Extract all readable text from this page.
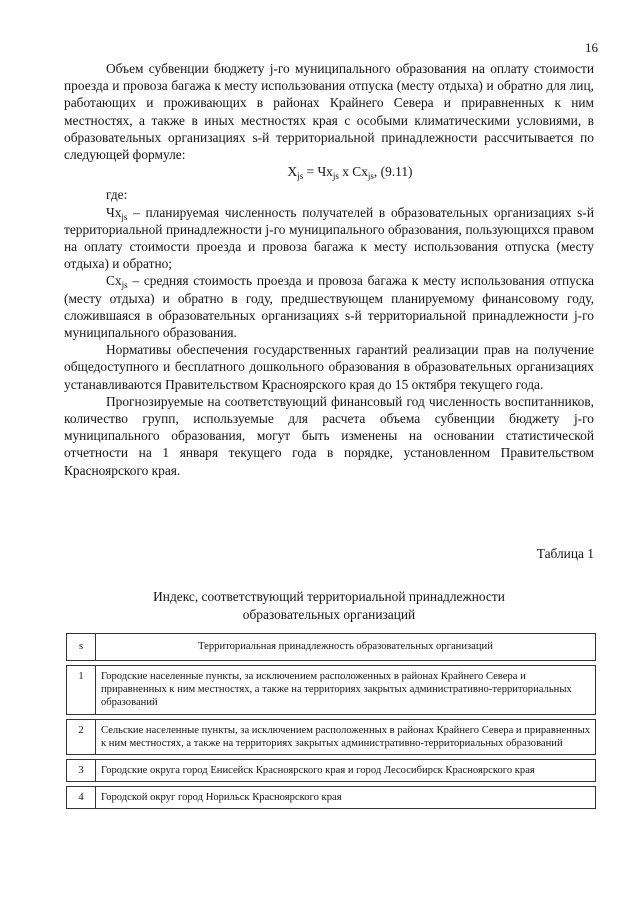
16

Объем субвенции бюджету j-го муниципального образования на оплату стоимости проезда и провоза багажа к месту использования отпуска (месту отдыха) и обратно для лиц, работающих и проживающих в районах Крайнего Севера и приравненных к ним местностях, а также в иных местностях края с особыми климатическими условиями, в образовательных организациях s-й территориальной принадлежности рассчитывается по следующей формуле:

$X_{js} = Чх_{js}$ x $Cx_{js}$, (9.11)

где:

$Чх_{js}$ – планируемая численность получателей в образовательных организациях s-й территориальной принадлежности j-го муниципального образования, пользующихся правом на оплату стоимости проезда и провоза багажа к месту использования отпуска (месту отдыха) и обратно;

$Сх_{js}$ – средняя стоимость проезда и провоза багажа к месту использования отпуска (месту отдыха) и обратно в году, предшествующем планируемому финансовому году, сложившаяся в образовательных организациях s-й территориальной принадлежности j-го муниципального образования.

Нормативы обеспечения государственных гарантий реализации прав на получение общедоступного и бесплатного дошкольного образования в образовательных организациях устанавливаются Правительством Красноярского края до 15 октября текущего года.

Прогнозируемые на соответствующий финансовый год численность воспитанников, количество групп, используемые для расчета объема субвенции бюджету j-го муниципального образования, могут быть изменены на основании статистической отчетности на 1 января текущего года в порядке, установленном Правительством Красноярского края.

Таблица 1
Индекс, соответствующий территориальной принадлежности
образовательных организаций
s	Территориальная принадлежность образовательных организаций

1	Городские населенные пункты, за исключением расположенных в районах Крайнего Севера и приравненных к ним местностях, а также на территориях закрытых административно-территориальных образований

2	Сельские населенные пункты, за исключением расположенных в районах Крайнего Севера и приравненных к ним местностях, а также на территориях закрытых административно-территориальных образований

3	Городские округа город Енисейск Красноярского края и город Лесосибирск Красноярского края

4	Городской округ город Норильск Красноярского края
